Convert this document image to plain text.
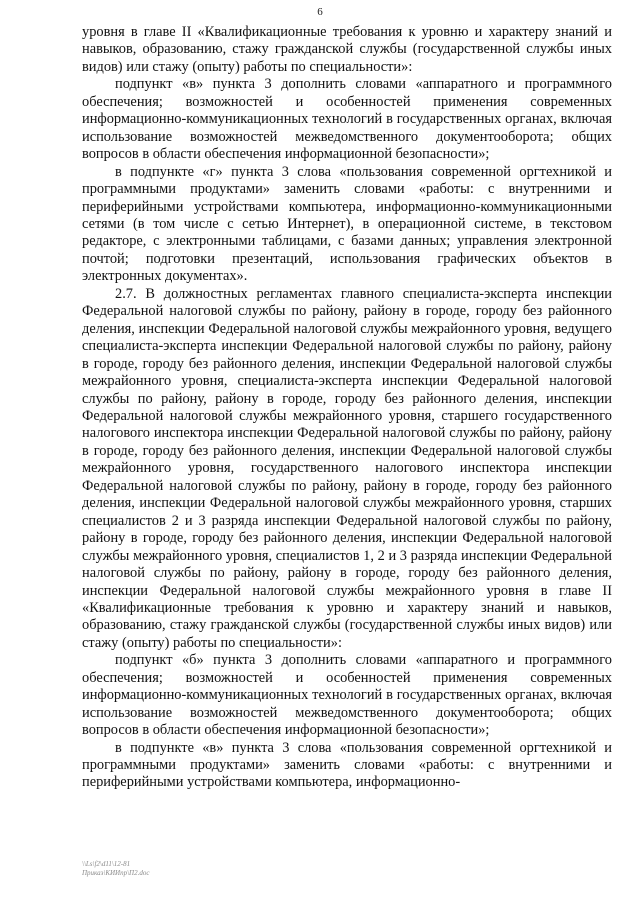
6

уровня в главе II «Квалификационные требования к уровню и характеру знаний и навыков, образованию, стажу гражданской службы (государственной службы иных видов) или стажу (опыту) работы по специальности»:

подпункт «в» пункта 3 дополнить словами «аппаратного и программного обеспечения; возможностей и особенностей применения современных информационно-коммуникационных технологий в государственных органах, включая использование возможностей межведомственного документооборота; общих вопросов в области обеспечения информационной безопасности»;

в подпункте «г» пункта 3 слова «пользования современной оргтехникой и программными продуктами» заменить словами «работы: с внутренними и периферийными устройствами компьютера, информационно-коммуникационными сетями (в том числе с сетью Интернет), в операционной системе, в текстовом редакторе, с электронными таблицами, с базами данных; управления электронной почтой; подготовки презентаций, использования графических объектов в электронных документах».

2.7. В должностных регламентах главного специалиста-эксперта инспекции Федеральной налоговой службы по району, району в городе, городу без районного деления, инспекции Федеральной налоговой службы межрайонного уровня, ведущего специалиста-эксперта инспекции Федеральной налоговой службы по району, району в городе, городу без районного деления, инспекции Федеральной налоговой службы межрайонного уровня, специалиста-эксперта инспекции Федеральной налоговой службы по району, району в городе, городу без районного деления, инспекции Федеральной налоговой службы межрайонного уровня, старшего государственного налогового инспектора инспекции Федеральной налоговой службы по району, району в городе, городу без районного деления, инспекции Федеральной налоговой службы межрайонного уровня, государственного налогового инспектора инспекции Федеральной налоговой службы по району, району в городе, городу без районного деления, инспекции Федеральной налоговой службы межрайонного уровня, старших специалистов 2 и 3 разряда инспекции Федеральной налоговой службы по району, району в городе, городу без районного деления, инспекции Федеральной налоговой службы межрайонного уровня, специалистов 1, 2 и 3 разряда инспекции Федеральной налоговой службы по району, району в городе, городу без районного деления, инспекции Федеральной налоговой службы межрайонного уровня в главе II «Квалификационные требования к уровню и характеру знаний и навыков, образованию, стажу гражданской службы (государственной службы иных видов) или стажу (опыту) работы по специальности»:

подпункт «б» пункта 3 дополнить словами «аппаратного и программного обеспечения; возможностей и особенностей применения современных информационно-коммуникационных технологий в государственных органах, включая использование возможностей межведомственного документооборота; общих вопросов в области обеспечения информационной безопасности»;

в подпункте «в» пункта 3 слова «пользования современной оргтехникой и программными продуктами» заменить словами «работы: с внутренними и периферийными устройствами компьютера, информационно-

\\Ls\f2\d11\12-81
Приказ\КИИпр\П2.doc
